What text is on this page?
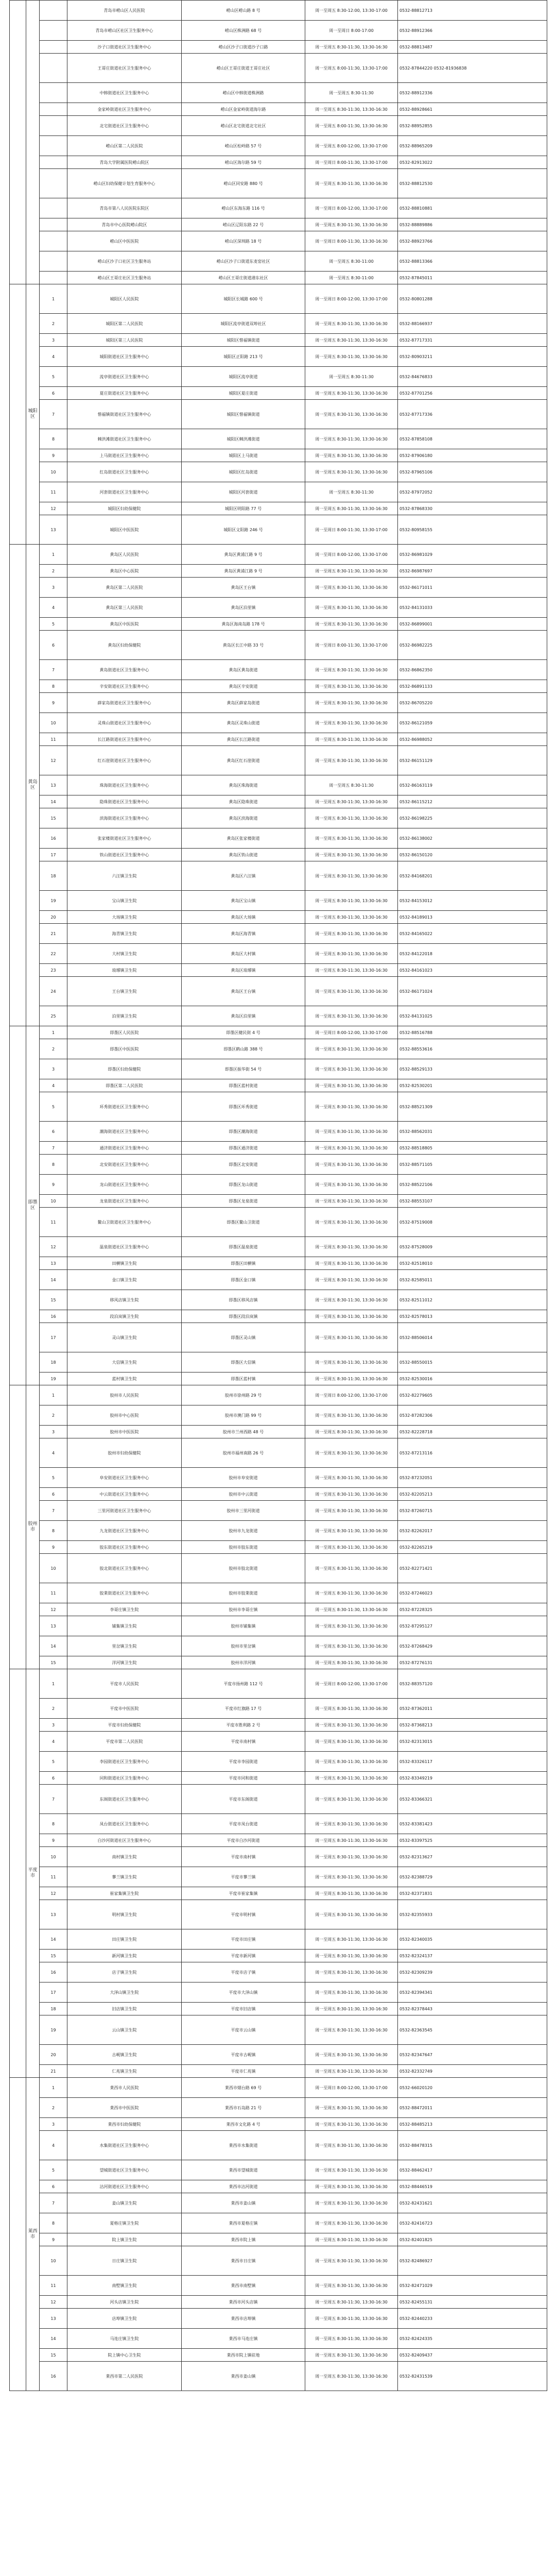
			青岛市崂山区人民医院	崂山区崂山路 8 号	周一至周五 8:30-12:00, 13:30-17:00	0532-88812713
			青岛市崂山区社区卫生服务中心	崂山区株洲路 68 号	周一至周日 8:00-17:00	0532-88912366
			沙子口街道社区卫生服务中心	崂山区沙子口街道沙子口路	周一至周五 8:30-11:30, 13:30-16:30	0532-88813487
			王哥庄街道社区卫生服务中心	崂山区王哥庄街道王哥庄社区	周一至周五 8:00-11:30, 13:30-17:00	0532-87844220 0532-81936838
			中韩街道社区卫生服务中心	崂山区中韩街道株洲路	周一至周五 8:30-11:30	0532-88912336
			金家岭街道社区卫生服务中心	崂山区金家岭街道海尔路	周一至周五 8:30-11:30, 13:30-16:30	0532-88928661
			北宅街道社区卫生服务中心	崂山区北宅街道北宅社区	周一至周五 8:00-11:30, 13:30-16:30	0532-88952855
			崂山区第二人民医院	崂山区松岭路 57 号	周一至周五 8:00-12:00, 13:30-17:00	0532-88965209
			青岛大学附属医院崂山院区	崂山区海尔路 59 号	周一至周日 8:00-11:30, 13:30-17:00	0532-82913022
			崂山区妇幼保健计划生育服务中心	崂山区同安路 880 号	周一至周五 8:30-11:30, 13:30-16:30	0532-88812530
			青岛市第八人民医院东院区	崂山区东海东路 116 号	周一至周日 8:00-12:00, 13:30-17:00	0532-88810881
			青岛市中心医院崂山院区	崂山区辽阳东路 22 号	周一至周五 8:30-11:30, 13:30-16:30	0532-88889886
			崂山区中医医院	崂山区深圳路 18 号	周一至周日 8:00-11:30, 13:30-16:30	0532-88923766
			崂山区沙子口社区卫生服务站	崂山区沙子口街道东麦窑社区	周一至周五 8:30-11:00	0532-88813366
			崂山区王哥庄社区卫生服务站	崂山区王哥庄街道港东社区	周一至周五 8:30-11:00	0532-87845011
	城阳区	1	城阳区人民医院	城阳区长城路 600 号	周一至周日 8:00-12:00, 13:30-17:00	0532-80801288
		2	城阳区第二人民医院	城阳区流亭街道双埠社区	周一至周五 8:30-11:30, 13:30-16:30	0532-88166937
		3	城阳区第三人民医院	城阳区惜福镇街道	周一至周五 8:30-11:30, 13:30-16:30	0532-87717331
		4	城阳街道社区卫生服务中心	城阳区正阳路 213 号	周一至周五 8:30-11:30, 13:30-16:30	0532-80903211
		5	流亭街道社区卫生服务中心	城阳区流亭街道	周一至周五 8:30-11:30	0532-84676833
		6	夏庄街道社区卫生服务中心	城阳区夏庄街道	周一至周五 8:30-11:30, 13:30-16:30	0532-87701256
		7	惜福镇街道社区卫生服务中心	城阳区惜福镇街道	周一至周五 8:30-11:30, 13:30-16:30	0532-87717336
		8	棘洪滩街道社区卫生服务中心	城阳区棘洪滩街道	周一至周五 8:30-11:30, 13:30-16:30	0532-87858108
		9	上马街道社区卫生服务中心	城阳区上马街道	周一至周五 8:30-11:30, 13:30-16:30	0532-87906180
		10	红岛街道社区卫生服务中心	城阳区红岛街道	周一至周五 8:30-11:30, 13:30-16:30	0532-87965106
		11	河套街道社区卫生服务中心	城阳区河套街道	周一至周五 8:30-11:30	0532-87972052
		12	城阳区妇幼保健院	城阳区明阳路 77 号	周一至周五 8:30-11:30, 13:30-16:30	0532-87868330
		13	城阳区中医医院	城阳区文阳路 246 号	周一至周日 8:00-11:30, 13:30-17:00	0532-80958155
	黄岛区	1	黄岛区人民医院	黄岛区黄浦江路 9 号	周一至周日 8:00-12:00, 13:30-17:00	0532-86981029
		2	黄岛区中心医院	黄岛区黄浦江路 9 号	周一至周五 8:30-11:30, 13:30-16:30	0532-86987697
		3	黄岛区第二人民医院	黄岛区王台镇	周一至周五 8:30-11:30, 13:30-16:30	0532-86171011
		4	黄岛区第三人民医院	黄岛区泊里镇	周一至周五 8:30-11:30, 13:30-16:30	0532-84131033
		5	黄岛区中医医院	黄岛区海南岛路 178 号	周一至周五 8:30-11:30, 13:30-16:30	0532-86899001
		6	黄岛区妇幼保健院	黄岛区长江中路 33 号	周一至周日 8:00-11:30, 13:30-17:00	0532-86982225
		7	黄岛街道社区卫生服务中心	黄岛区黄岛街道	周一至周五 8:30-11:30, 13:30-16:30	0532-86862350
		8	辛安街道社区卫生服务中心	黄岛区辛安街道	周一至周五 8:30-11:30, 13:30-16:30	0532-86891133
		9	薛家岛街道社区卫生服务中心	黄岛区薛家岛街道	周一至周五 8:30-11:30, 13:30-16:30	0532-86705220
		10	灵珠山街道社区卫生服务中心	黄岛区灵珠山街道	周一至周五 8:30-11:30, 13:30-16:30	0532-86121059
		11	长江路街道社区卫生服务中心	黄岛区长江路街道	周一至周五 8:30-11:30, 13:30-16:30	0532-86988052
		12	红石崖街道社区卫生服务中心	黄岛区红石崖街道	周一至周五 8:30-11:30, 13:30-16:30	0532-86151129
		13	珠海街道社区卫生服务中心	黄岛区珠海街道	周一至周五 8:30-11:30	0532-86163119
		14	隐珠街道社区卫生服务中心	黄岛区隐珠街道	周一至周五 8:30-11:30, 13:30-16:30	0532-86115212
		15	滨海街道社区卫生服务中心	黄岛区滨海街道	周一至周五 8:30-11:30, 13:30-16:30	0532-86198225
		16	张家楼街道社区卫生服务中心	黄岛区张家楼街道	周一至周五 8:30-11:30, 13:30-16:30	0532-86138002
		17	铁山街道社区卫生服务中心	黄岛区铁山街道	周一至周五 8:30-11:30, 13:30-16:30	0532-86150120
		18	六汪镇卫生院	黄岛区六汪镇	周一至周五 8:30-11:30, 13:30-16:30	0532-84168201
		19	宝山镇卫生院	黄岛区宝山镇	周一至周五 8:30-11:30, 13:30-16:30	0532-84153012
		20	大场镇卫生院	黄岛区大场镇	周一至周五 8:30-11:30, 13:30-16:30	0532-84189013
		21	海青镇卫生院	黄岛区海青镇	周一至周五 8:30-11:30, 13:30-16:30	0532-84165022
		22	大村镇卫生院	黄岛区大村镇	周一至周五 8:30-11:30, 13:30-16:30	0532-84122018
		23	琅琊镇卫生院	黄岛区琅琊镇	周一至周五 8:30-11:30, 13:30-16:30	0532-84161023
		24	王台镇卫生院	黄岛区王台镇	周一至周五 8:30-11:30, 13:30-16:30	0532-86171024
		25	泊里镇卫生院	黄岛区泊里镇	周一至周五 8:30-11:30, 13:30-16:30	0532-84131025
	即墨区	1	即墨区人民医院	即墨区健民街 4 号	周一至周日 8:00-12:00, 13:30-17:00	0532-88516788
		2	即墨区中医医院	即墨区鹤山路 388 号	周一至周五 8:30-11:30, 13:30-16:30	0532-88553616
		3	即墨区妇幼保健院	即墨区振华街 54 号	周一至周五 8:30-11:30, 13:30-16:30	0532-88529133
		4	即墨区第二人民医院	即墨区蓝村街道	周一至周五 8:30-11:30, 13:30-16:30	0532-82530201
		5	环秀街道社区卫生服务中心	即墨区环秀街道	周一至周五 8:30-11:30, 13:30-16:30	0532-88521309
		6	潮海街道社区卫生服务中心	即墨区潮海街道	周一至周五 8:30-11:30, 13:30-16:30	0532-88562031
		7	通济街道社区卫生服务中心	即墨区通济街道	周一至周五 8:30-11:30, 13:30-16:30	0532-88518805
		8	北安街道社区卫生服务中心	即墨区北安街道	周一至周五 8:30-11:30, 13:30-16:30	0532-88571105
		9	龙山街道社区卫生服务中心	即墨区龙山街道	周一至周五 8:30-11:30, 13:30-16:30	0532-88522106
		10	龙泉街道社区卫生服务中心	即墨区龙泉街道	周一至周五 8:30-11:30, 13:30-16:30	0532-88553107
		11	鳌山卫街道社区卫生服务中心	即墨区鳌山卫街道	周一至周五 8:30-11:30, 13:30-16:30	0532-87519008
		12	温泉街道社区卫生服务中心	即墨区温泉街道	周一至周五 8:30-11:30, 13:30-16:30	0532-87528009
		13	田横镇卫生院	即墨区田横镇	周一至周五 8:30-11:30, 13:30-16:30	0532-82518010
		14	金口镇卫生院	即墨区金口镇	周一至周五 8:30-11:30, 13:30-16:30	0532-82585011
		15	移风店镇卫生院	即墨区移风店镇	周一至周五 8:30-11:30, 13:30-16:30	0532-82511012
		16	段泊岚镇卫生院	即墨区段泊岚镇	周一至周五 8:30-11:30, 13:30-16:30	0532-82578013
		17	灵山镇卫生院	即墨区灵山镇	周一至周五 8:30-11:30, 13:30-16:30	0532-88506014
		18	大信镇卫生院	即墨区大信镇	周一至周五 8:30-11:30, 13:30-16:30	0532-88550015
		19	蓝村镇卫生院	即墨区蓝村镇	周一至周五 8:30-11:30, 13:30-16:30	0532-82530016
	胶州市	1	胶州市人民医院	胶州市徐州路 29 号	周一至周日 8:00-12:00, 13:30-17:00	0532-82279605
		2	胶州市中心医院	胶州市澳门路 99 号	周一至周五 8:30-11:30, 13:30-16:30	0532-87282306
		3	胶州市中医医院	胶州市兰州西路 48 号	周一至周五 8:30-11:30, 13:30-16:30	0532-82228718
		4	胶州市妇幼保健院	胶州市福州南路 26 号	周一至周五 8:30-11:30, 13:30-16:30	0532-87213116
		5	阜安街道社区卫生服务中心	胶州市阜安街道	周一至周五 8:30-11:30, 13:30-16:30	0532-87232051
		6	中云街道社区卫生服务中心	胶州市中云街道	周一至周五 8:30-11:30, 13:30-16:30	0532-82205213
		7	三里河街道社区卫生服务中心	胶州市三里河街道	周一至周五 8:30-11:30, 13:30-16:30	0532-87260715
		8	九龙街道社区卫生服务中心	胶州市九龙街道	周一至周五 8:30-11:30, 13:30-16:30	0532-82262017
		9	胶东街道社区卫生服务中心	胶州市胶东街道	周一至周五 8:30-11:30, 13:30-16:30	0532-82265219
		10	胶北街道社区卫生服务中心	胶州市胶北街道	周一至周五 8:30-11:30, 13:30-16:30	0532-82271421
		11	胶莱街道社区卫生服务中心	胶州市胶莱街道	周一至周五 8:30-11:30, 13:30-16:30	0532-87246023
		12	李哥庄镇卫生院	胶州市李哥庄镇	周一至周五 8:30-11:30, 13:30-16:30	0532-87228325
		13	铺集镇卫生院	胶州市铺集镇	周一至周五 8:30-11:30, 13:30-16:30	0532-87295127
		14	里岔镇卫生院	胶州市里岔镇	周一至周五 8:30-11:30, 13:30-16:30	0532-87268429
		15	洋河镇卫生院	胶州市洋河镇	周一至周五 8:30-11:30, 13:30-16:30	0532-87276131
	平度市	1	平度市人民医院	平度市扬州路 112 号	周一至周日 8:00-12:00, 13:30-17:00	0532-88357120
		2	平度市中医医院	平度市红旗路 17 号	周一至周五 8:30-11:30, 13:30-16:30	0532-87362011
		3	平度市妇幼保健院	平度市胜利路 2 号	周一至周五 8:30-11:30, 13:30-16:30	0532-87368213
		4	平度市第二人民医院	平度市南村镇	周一至周五 8:30-11:30, 13:30-16:30	0532-82313015
		5	李园街道社区卫生服务中心	平度市李园街道	周一至周五 8:30-11:30, 13:30-16:30	0532-83326117
		6	同和街道社区卫生服务中心	平度市同和街道	周一至周五 8:30-11:30, 13:30-16:30	0532-83349219
		7	东阁街道社区卫生服务中心	平度市东阁街道	周一至周五 8:30-11:30, 13:30-16:30	0532-83366321
		8	凤台街道社区卫生服务中心	平度市凤台街道	周一至周五 8:30-11:30, 13:30-16:30	0532-83381423
		9	白沙河街道社区卫生服务中心	平度市白沙河街道	周一至周五 8:30-11:30, 13:30-16:30	0532-83397525
		10	南村镇卫生院	平度市南村镇	周一至周五 8:30-11:30, 13:30-16:30	0532-82313627
		11	蓼兰镇卫生院	平度市蓼兰镇	周一至周五 8:30-11:30, 13:30-16:30	0532-82388729
		12	崔家集镇卫生院	平度市崔家集镇	周一至周五 8:30-11:30, 13:30-16:30	0532-82371831
		13	明村镇卫生院	平度市明村镇	周一至周五 8:30-11:30, 13:30-16:30	0532-82355933
		14	田庄镇卫生院	平度市田庄镇	周一至周五 8:30-11:30, 13:30-16:30	0532-82340035
		15	新河镇卫生院	平度市新河镇	周一至周五 8:30-11:30, 13:30-16:30	0532-82324137
		16	店子镇卫生院	平度市店子镇	周一至周五 8:30-11:30, 13:30-16:30	0532-82309239
		17	大泽山镇卫生院	平度市大泽山镇	周一至周五 8:30-11:30, 13:30-16:30	0532-82394341
		18	旧店镇卫生院	平度市旧店镇	周一至周五 8:30-11:30, 13:30-16:30	0532-82378443
		19	云山镇卫生院	平度市云山镇	周一至周五 8:30-11:30, 13:30-16:30	0532-82363545
		20	古岘镇卫生院	平度市古岘镇	周一至周五 8:30-11:30, 13:30-16:30	0532-82347647
		21	仁兆镇卫生院	平度市仁兆镇	周一至周五 8:30-11:30, 13:30-16:30	0532-82332749
	莱西市	1	莱西市人民医院	莱西市烟台路 69 号	周一至周日 8:00-12:00, 13:30-17:00	0532-66020120
		2	莱西市中医医院	莱西市石岛路 21 号	周一至周五 8:30-11:30, 13:30-16:30	0532-88472011
		3	莱西市妇幼保健院	莱西市文化路 4 号	周一至周五 8:30-11:30, 13:30-16:30	0532-88485213
		4	水集街道社区卫生服务中心	莱西市水集街道	周一至周五 8:30-11:30, 13:30-16:30	0532-88478315
		5	望城街道社区卫生服务中心	莱西市望城街道	周一至周五 8:30-11:30, 13:30-16:30	0532-88462417
		6	沽河街道社区卫生服务中心	莱西市沽河街道	周一至周五 8:30-11:30, 13:30-16:30	0532-88446519
		7	姜山镇卫生院	莱西市姜山镇	周一至周五 8:30-11:30, 13:30-16:30	0532-82431621
		8	夏格庄镇卫生院	莱西市夏格庄镇	周一至周五 8:30-11:30, 13:30-16:30	0532-82416723
		9	院上镇卫生院	莱西市院上镇	周一至周五 8:30-11:30, 13:30-16:30	0532-82401825
		10	日庄镇卫生院	莱西市日庄镇	周一至周五 8:30-11:30, 13:30-16:30	0532-82486927
		11	南墅镇卫生院	莱西市南墅镇	周一至周五 8:30-11:30, 13:30-16:30	0532-82471029
		12	河头店镇卫生院	莱西市河头店镇	周一至周五 8:30-11:30, 13:30-16:30	0532-82455131
		13	店埠镇卫生院	莱西市店埠镇	周一至周五 8:30-11:30, 13:30-16:30	0532-82440233
		14	马连庄镇卫生院	莱西市马连庄镇	周一至周五 8:30-11:30, 13:30-16:30	0532-82424335
		15	院上镇中心卫生院	莱西市院上镇驻地	周一至周五 8:30-11:30, 13:30-16:30	0532-82409437
		16	莱西市第二人民医院	莱西市姜山镇	周一至周五 8:30-11:30, 13:30-16:30	0532-82431539
